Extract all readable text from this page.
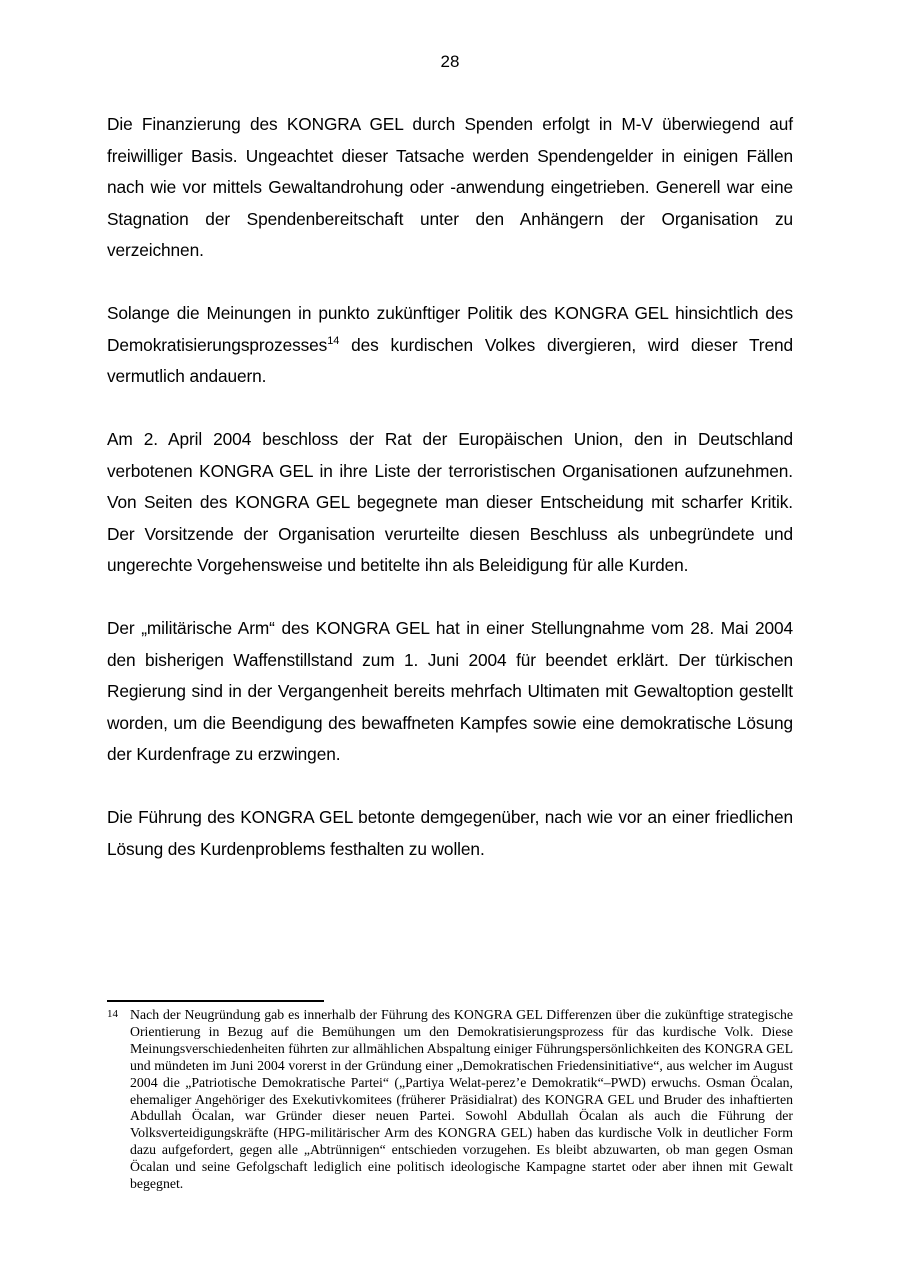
28

Die Finanzierung des KONGRA GEL durch Spenden erfolgt in M-V überwiegend auf freiwilliger Basis. Ungeachtet dieser Tatsache werden Spendengelder in einigen Fällen nach wie vor mittels Gewaltandrohung oder -anwendung eingetrieben. Generell war eine Stagnation der Spendenbereitschaft unter den Anhängern der Organisation zu verzeichnen.

Solange die Meinungen in punkto zukünftiger Politik des KONGRA GEL hinsichtlich des Demokratisierungsprozesses$^{14}$ des kurdischen Volkes divergieren, wird dieser Trend vermutlich andauern.

Am 2. April 2004 beschloss der Rat der Europäischen Union, den in Deutschland verbotenen KONGRA GEL in ihre Liste der terroristischen Organisationen aufzunehmen. Von Seiten des KONGRA GEL begegnete man dieser Entscheidung mit scharfer Kritik. Der Vorsitzende der Organisation verurteilte diesen Beschluss als unbegründete und ungerechte Vorgehensweise und betitelte ihn als Beleidigung für alle Kurden.

Der „militärische Arm“ des KONGRA GEL hat in einer Stellungnahme vom 28. Mai 2004 den bisherigen Waffenstillstand zum 1. Juni 2004 für beendet erklärt. Der türkischen Regierung sind in der Vergangenheit bereits mehrfach Ultimaten mit Gewaltoption gestellt worden, um die Beendigung des bewaffneten Kampfes sowie eine demokratische Lösung der Kurdenfrage zu erzwingen.

Die Führung des KONGRA GEL betonte demgegenüber, nach wie vor an einer friedlichen Lösung des Kurdenproblems festhalten zu wollen.

14 Nach der Neugründung gab es innerhalb der Führung des KONGRA GEL Differenzen über die zukünftige strategische Orientierung in Bezug auf die Bemühungen um den Demokratisierungsprozess für das kurdische Volk. Diese Meinungsverschiedenheiten führten zur allmählichen Abspaltung einiger Führungspersönlichkeiten des KONGRA GEL und mündeten im Juni 2004 vorerst in der Gründung einer „Demokratischen Friedensinitiative“, aus welcher im August 2004 die „Patriotische Demokratische Partei“ („Partiya Welat-perez’e Demokratik“–PWD) erwuchs. Osman Öcalan, ehemaliger Angehöriger des Exekutivkomitees (früherer Präsidialrat) des KONGRA GEL und Bruder des inhaftierten Abdullah Öcalan, war Gründer dieser neuen Partei. Sowohl Abdullah Öcalan als auch die Führung der Volksverteidigungskräfte (HPG-militärischer Arm des KONGRA GEL) haben das kurdische Volk in deutlicher Form dazu aufgefordert, gegen alle „Abtrünnigen“ entschieden vorzugehen. Es bleibt abzuwarten, ob man gegen Osman Öcalan und seine Gefolgschaft lediglich eine politisch ideologische Kampagne startet oder aber ihnen mit Gewalt begegnet.
